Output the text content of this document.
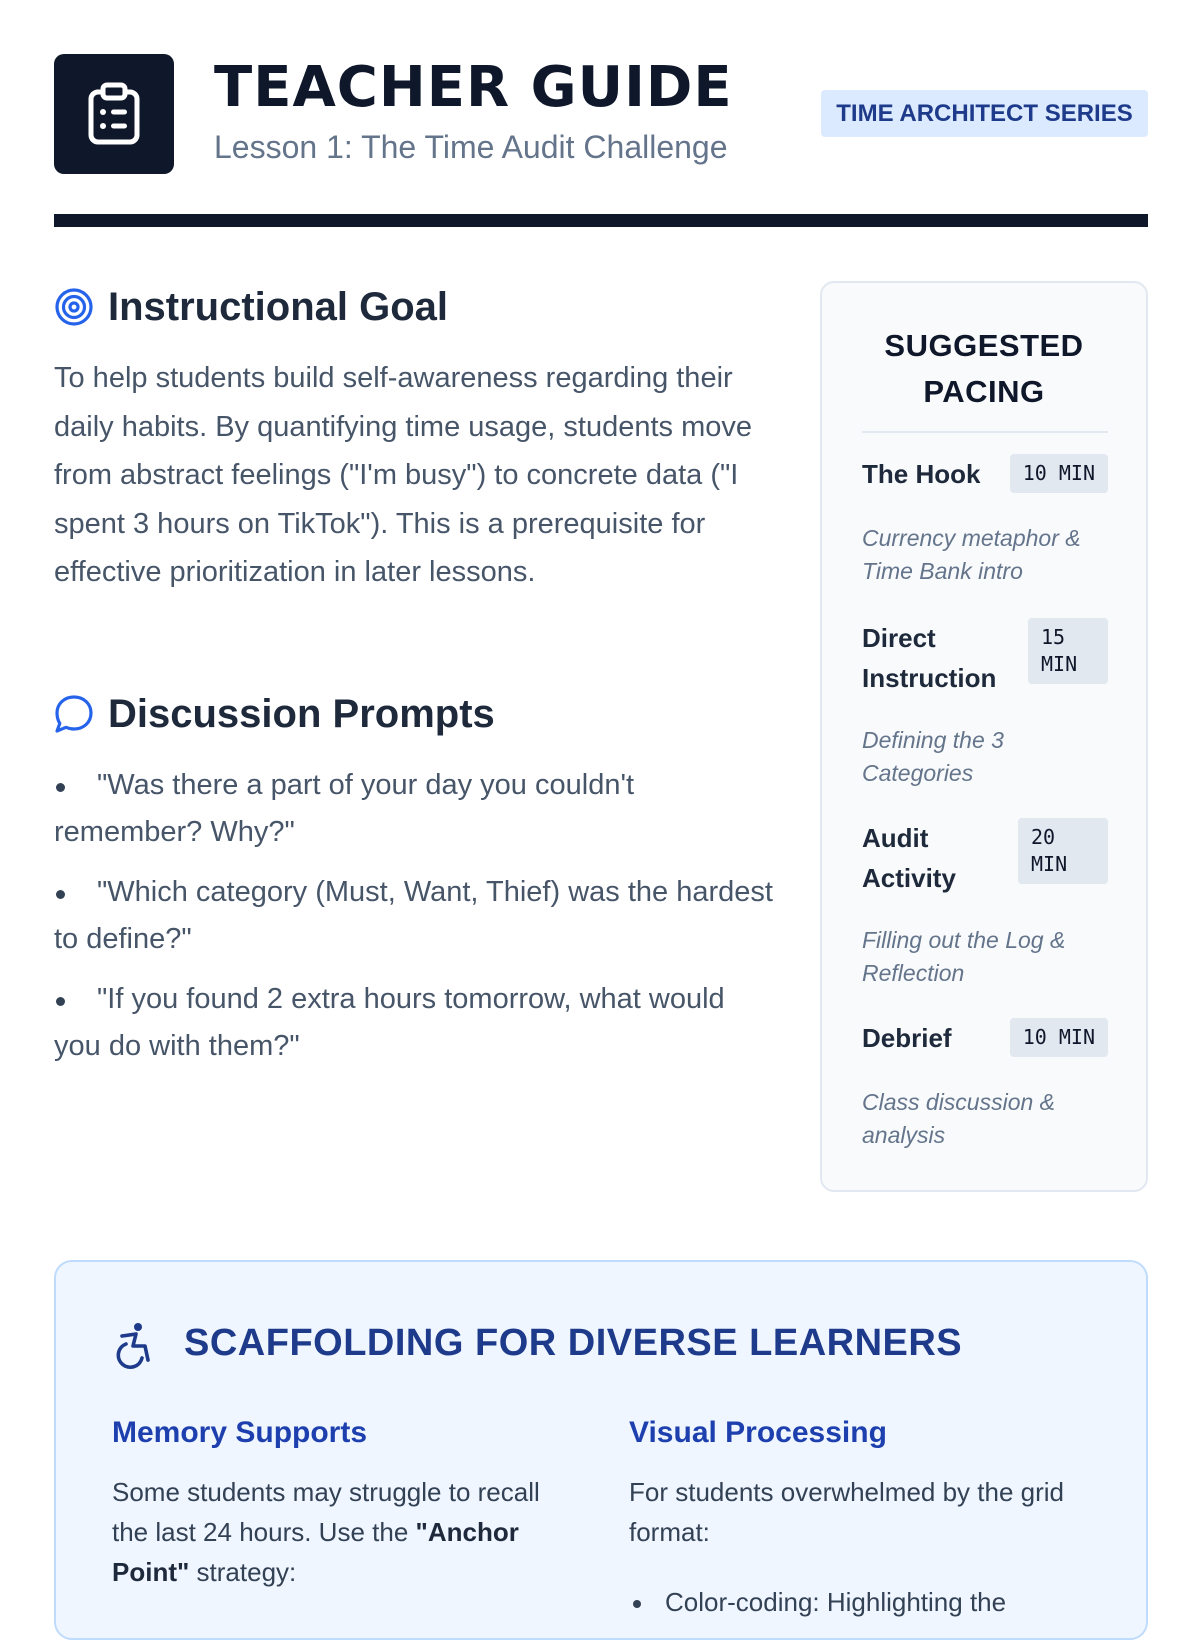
TEACHER GUIDE
Lesson 1: The Time Audit Challenge
TIME ARCHITECT SERIES
Instructional Goal

To help students build self-awareness regarding their daily habits. By quantifying time usage, students move from abstract feelings ("I'm busy") to concrete data ("I spent 3 hours on TikTok"). This is a prerequisite for effective prioritization in later lessons.

Discussion Prompts
"Was there a part of your day you couldn't remember? Why?"
"Which category (Must, Want, Thief) was the hardest to define?"
"If you found 2 extra hours tomorrow, what would you do with them?"
SUGGESTED PACING
The Hook	10 MIN
Currency metaphor & Time Bank intro
Direct Instruction
15 MIN
Defining the 3 Categories
Audit Activity
20 MIN
Filling out the Log & Reflection
Debrief	10 MIN
Class discussion & analysis
SCAFFOLDING FOR DIVERSE LEARNERS
Memory Supports

Some students may struggle to recall the last 24 hours. Use the "Anchor Point" strategy:

Visual Processing

For students overwhelmed by the grid format:

Color-coding: Highlighting the
